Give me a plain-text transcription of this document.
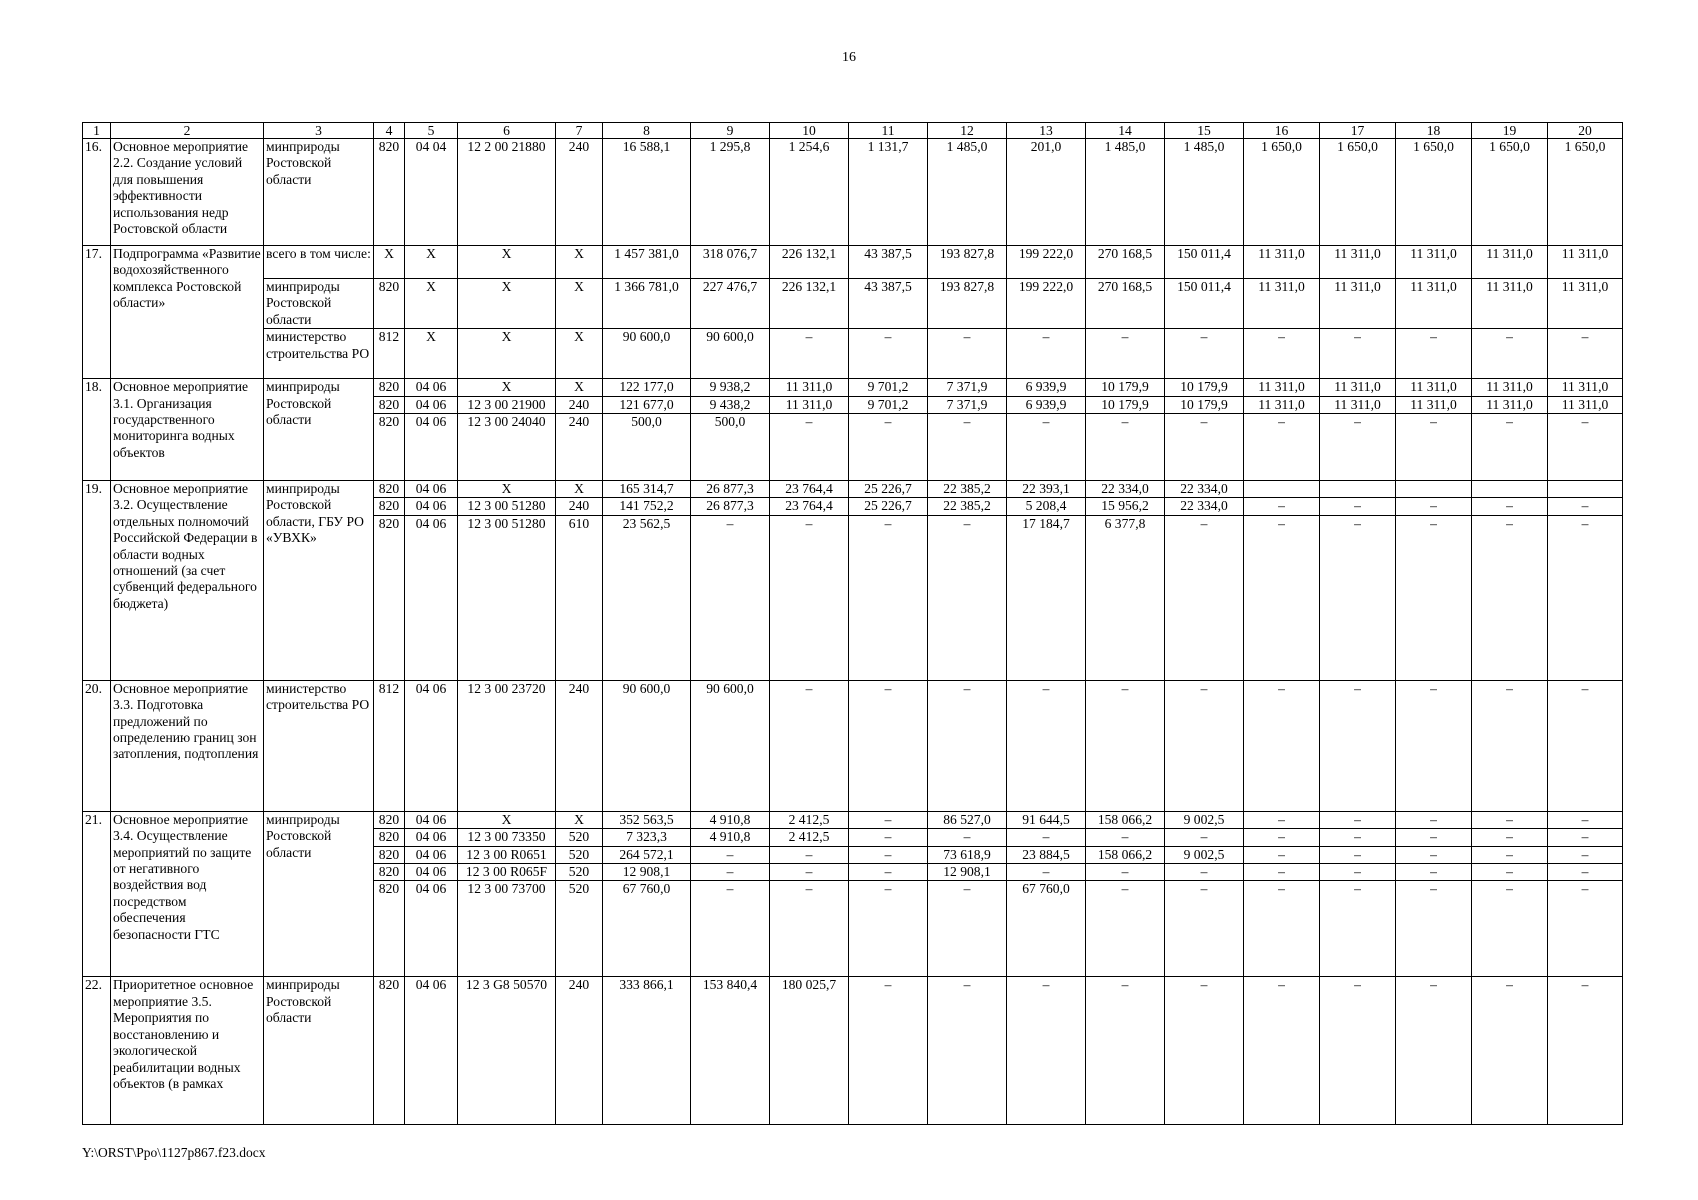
16
1	2	3	4	5	6	7	8	9	10	11	12	13	14	15	16	17	18	19	20
16.	Основное мероприятие 2.2. Создание условий для повышения эффективности использования недр Ростовской области	минприроды Ростовской области	820	04 04	12 2 00 21880	240	16 588,1	1 295,8	1 254,6	1 131,7	1 485,0	201,0	1 485,0	1 485,0	1 650,0	1 650,0	1 650,0	1 650,0	1 650,0
17.	Подпрограмма «Развитие водохозяйственного комплекса Ростовской области»	всего в том числе:	X	X	X	X	1 457 381,0	318 076,7	226 132,1	43 387,5	193 827,8	199 222,0	270 168,5	150 011,4	11 311,0	11 311,0	11 311,0	11 311,0	11 311,0
		минприроды Ростовской области	820	X	X	X	1 366 781,0	227 476,7	226 132,1	43 387,5	193 827,8	199 222,0	270 168,5	150 011,4	11 311,0	11 311,0	11 311,0	11 311,0	11 311,0
		министерство строительства РО	812	X	X	X	90 600,0	90 600,0	–	–	–	–	–	–	–	–	–	–	–
18.	Основное мероприятие 3.1. Организация государственного мониторинга водных объектов	минприроды Ростовской области	820	04 06	X	X	122 177,0	9 938,2	11 311,0	9 701,2	7 371,9	6 939,9	10 179,9	10 179,9	11 311,0	11 311,0	11 311,0	11 311,0	11 311,0
			820	04 06	12 3 00 21900	240	121 677,0	9 438,2	11 311,0	9 701,2	7 371,9	6 939,9	10 179,9	10 179,9	11 311,0	11 311,0	11 311,0	11 311,0	11 311,0
			820	04 06	12 3 00 24040	240	500,0	500,0	–	–	–	–	–	–	–	–	–	–	–
19.	Основное мероприятие 3.2. Осуществление отдельных полномочий Российской Федерации в области водных отношений (за счет субвенций федерального бюджета)	минприроды Ростовской области, ГБУ РО «УВХК»	820	04 06	X	X	165 314,7	26 877,3	23 764,4	25 226,7	22 385,2	22 393,1	22 334,0	22 334,0					
			820	04 06	12 3 00 51280	240	141 752,2	26 877,3	23 764,4	25 226,7	22 385,2	5 208,4	15 956,2	22 334,0	–	–	–	–	–
			820	04 06	12 3 00 51280	610	23 562,5	–	–	–	–	17 184,7	6 377,8	–	–	–	–	–	–
20.	Основное мероприятие 3.3. Подготовка предложений по определению границ зон затопления, подтопления	министерство строительства РО	812	04 06	12 3 00 23720	240	90 600,0	90 600,0	–	–	–	–	–	–	–	–	–	–	–
21.	Основное мероприятие 3.4. Осуществление мероприятий по защите от негативного воздействия вод посредством обеспечения безопасности ГТС	минприроды Ростовской области	820	04 06	X	X	352 563,5	4 910,8	2 412,5	–	86 527,0	91 644,5	158 066,2	9 002,5	–	–	–	–	–
			820	04 06	12 3 00 73350	520	7 323,3	4 910,8	2 412,5	–	–	–	–	–	–	–	–	–	–
			820	04 06	12 3 00 R0651	520	264 572,1	–	–	–	73 618,9	23 884,5	158 066,2	9 002,5	–	–	–	–	–
			820	04 06	12 3 00 R065F	520	12 908,1	–	–	–	12 908,1	–	–	–	–	–	–	–	–
			820	04 06	12 3 00 73700	520	67 760,0	–	–	–	–	67 760,0	–	–	–	–	–	–	–
22.	Приоритетное основное мероприятие 3.5. Мероприятия по восстановлению и экологической реабилитации водных объектов (в рамках	минприроды Ростовской области	820	04 06	12 3 G8 50570	240	333 866,1	153 840,4	180 025,7	–	–	–	–	–	–	–	–	–	–
Y:\ORST\Ppo\1127p867.f23.docx
